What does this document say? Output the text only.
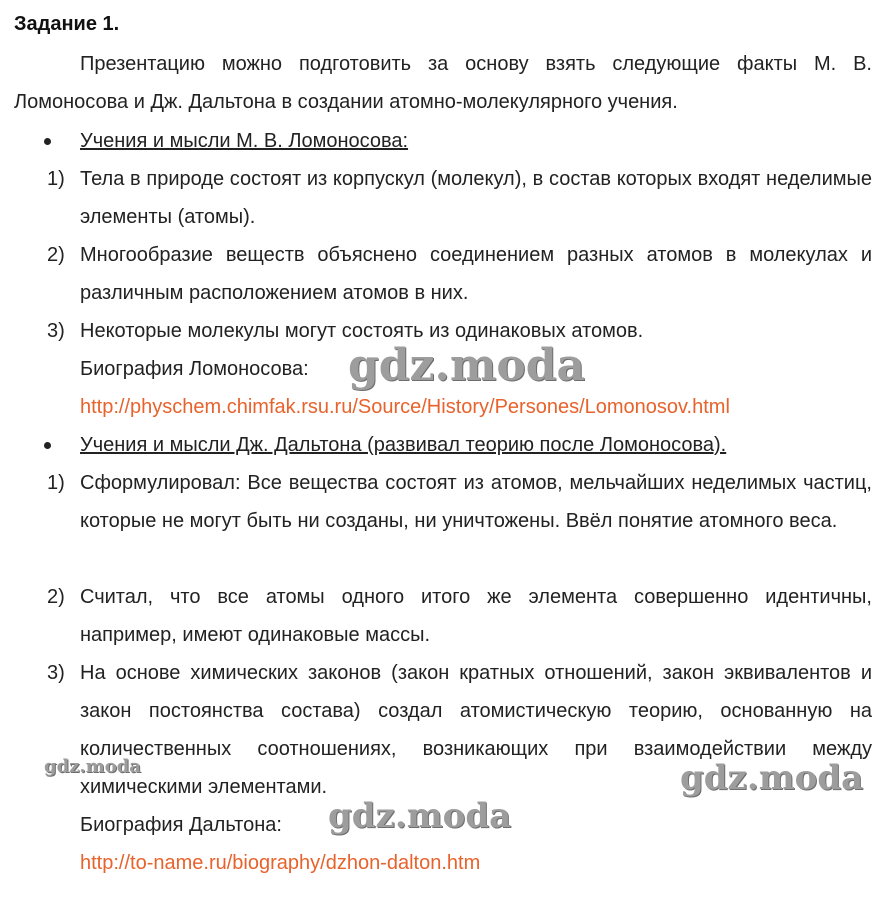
Задание 1.
Презентацию можно подготовить за основу взять следующие факты М. В. Ломоносова и Дж. Дальтона в создании атомно-молекулярного учения.
Учения и мысли М. В. Ломоносова:
1) Тела в природе состоят из корпускул (молекул), в состав которых входят неделимые элементы (атомы).
2) Многообразие веществ объяснено соединением разных атомов в молекулах и различным расположением атомов в них.
3) Некоторые молекулы могут состоять из одинаковых атомов.
Биография Ломоносова:
http://physchem.chimfak.rsu.ru/Source/History/Persones/Lomonosov.html
Учения и мысли Дж. Дальтона (развивал теорию после Ломоносова).
1) Сформулировал: Все вещества состоят из атомов, мельчайших неделимых частиц, которые не могут быть ни созданы, ни уничтожены. Ввёл понятие атомного веса.
2) Считал, что все атомы одного итого же элемента совершенно идентичны, например, имеют одинаковые массы.
3) На основе химических законов (закон кратных отношений, закон эквивалентов и закон постоянства состава) создал атомистическую теорию, основанную на количественных соотношениях, возникающих при взаимодействии между химическими элементами.
Биография Дальтона:
http://to-name.ru/biography/dzhon-dalton.htm
gdz.moda
gdz.moda	gdz.moda
gdz.moda
